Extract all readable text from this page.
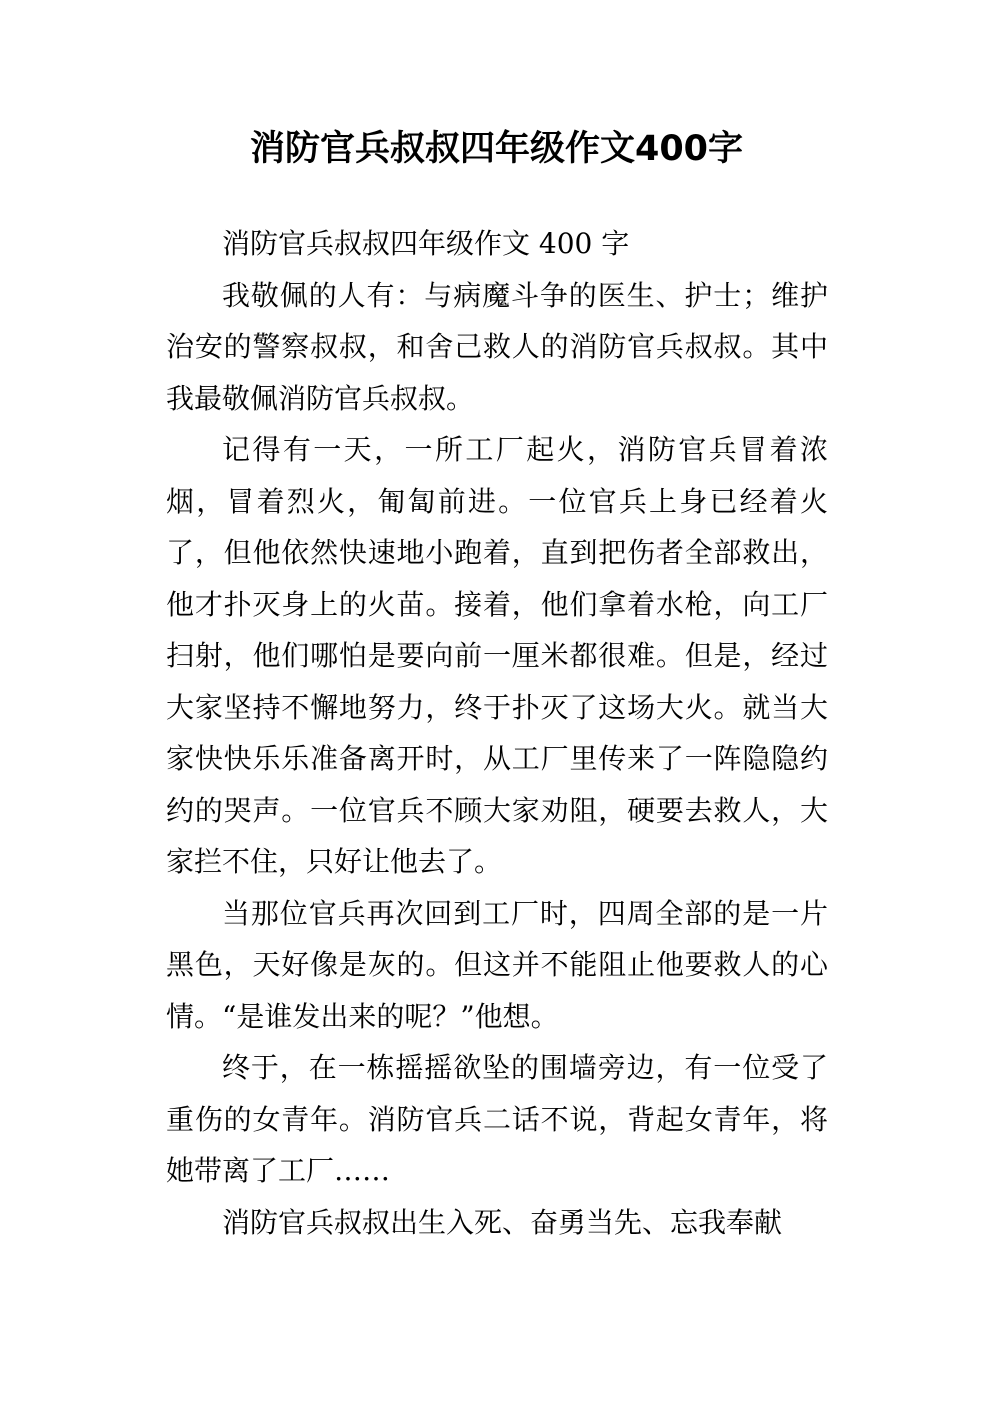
消防官兵叔叔四年级作文400字

消防官兵叔叔四年级作文 400 字

我敬佩的人有：与病魔斗争的医生、护士；维护治安的警察叔叔，和舍己救人的消防官兵叔叔。其中我最敬佩消防官兵叔叔。

记得有一天，一所工厂起火，消防官兵冒着浓烟，冒着烈火，匍匐前进。一位官兵上身已经着火了，但他依然快速地小跑着，直到把伤者全部救出，他才扑灭身上的火苗。接着，他们拿着水枪，向工厂扫射，他们哪怕是要向前一厘米都很难。但是，经过大家坚持不懈地努力，终于扑灭了这场大火。就当大家快快乐乐准备离开时，从工厂里传来了一阵隐隐约约的哭声。一位官兵不顾大家劝阻，硬要去救人，大家拦不住，只好让他去了。

当那位官兵再次回到工厂时，四周全部的是一片黑色，天好像是灰的。但这并不能阻止他要救人的心情。“是谁发出来的呢？”他想。

终于，在一栋摇摇欲坠的围墙旁边，有一位受了重伤的女青年。消防官兵二话不说，背起女青年，将她带离了工厂……

消防官兵叔叔出生入死、奋勇当先、忘我奉献
